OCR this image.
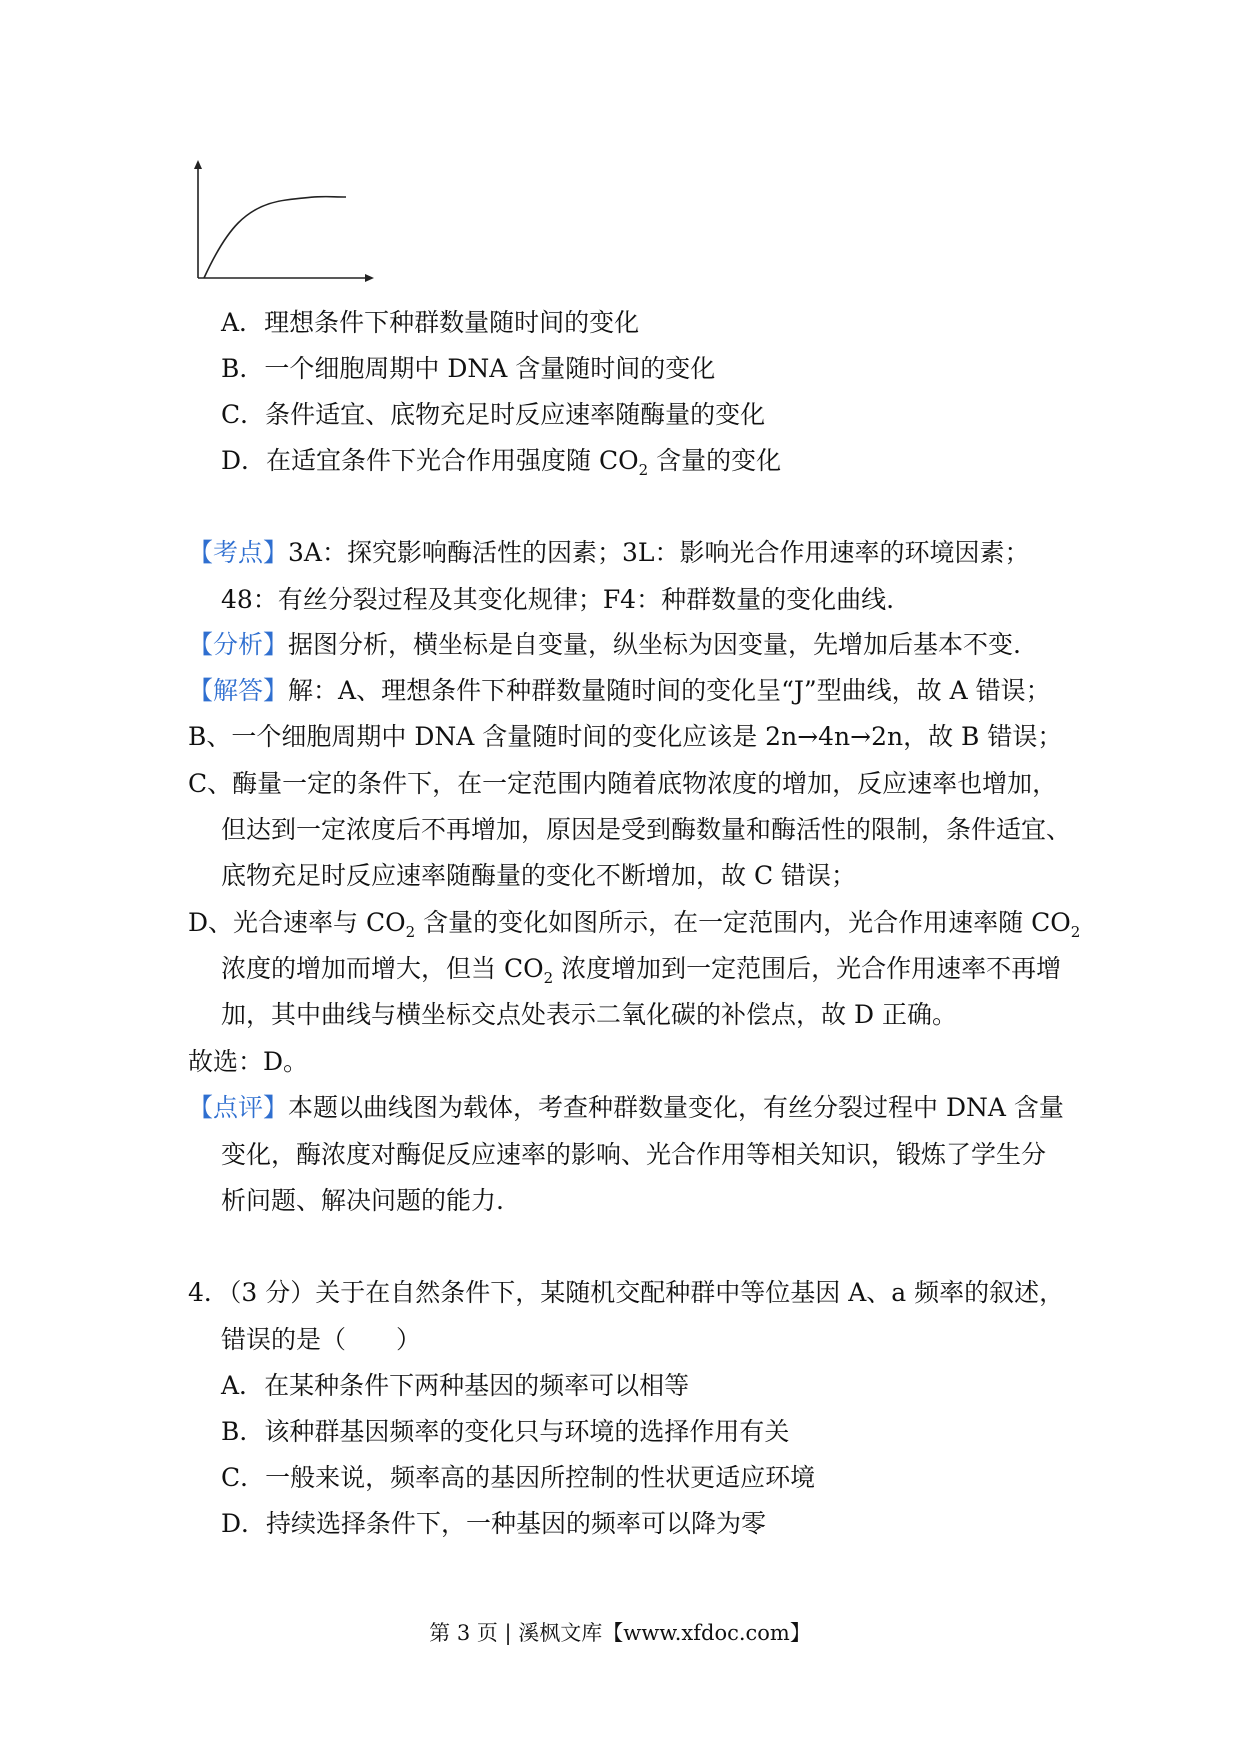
A．理想条件下种群数量随时间的变化
B．一个细胞周期中 DNA 含量随时间的变化
C．条件适宜、底物充足时反应速率随酶量的变化
D．在适宜条件下光合作用强度随 $CO_2$ 含量的变化
【考点】3A：探究影响酶活性的因素；3L：影响光合作用速率的环境因素；
48：有丝分裂过程及其变化规律；F4：种群数量的变化曲线.
【分析】据图分析，横坐标是自变量，纵坐标为因变量，先增加后基本不变.
【解答】解：A、理想条件下种群数量随时间的变化呈“J”型曲线，故 A 错误；
B、一个细胞周期中 DNA 含量随时间的变化应该是 2n→4n→2n，故 B 错误；
C、酶量一定的条件下，在一定范围内随着底物浓度的增加，反应速率也增加，
但达到一定浓度后不再增加，原因是受到酶数量和酶活性的限制，条件适宜、
底物充足时反应速率随酶量的变化不断增加，故 C 错误；
D、光合速率与 $CO_2$ 含量的变化如图所示，在一定范围内，光合作用速率随 $CO_2$
浓度的增加而增大，但当 $CO_2$ 浓度增加到一定范围后，光合作用速率不再增
加，其中曲线与横坐标交点处表示二氧化碳的补偿点，故 D 正确。
故选：D。
【点评】本题以曲线图为载体，考查种群数量变化，有丝分裂过程中 DNA 含量
变化，酶浓度对酶促反应速率的影响、光合作用等相关知识，锻炼了学生分
析问题、解决问题的能力.
4．（3 分）关于在自然条件下，某随机交配种群中等位基因 A、a 频率的叙述，
错误的是（　　）
A．在某种条件下两种基因的频率可以相等
B．该种群基因频率的变化只与环境的选择作用有关
C．一般来说，频率高的基因所控制的性状更适应环境
D．持续选择条件下，一种基因的频率可以降为零
第 3 页 | 溪枫文库【www.xfdoc.com】
